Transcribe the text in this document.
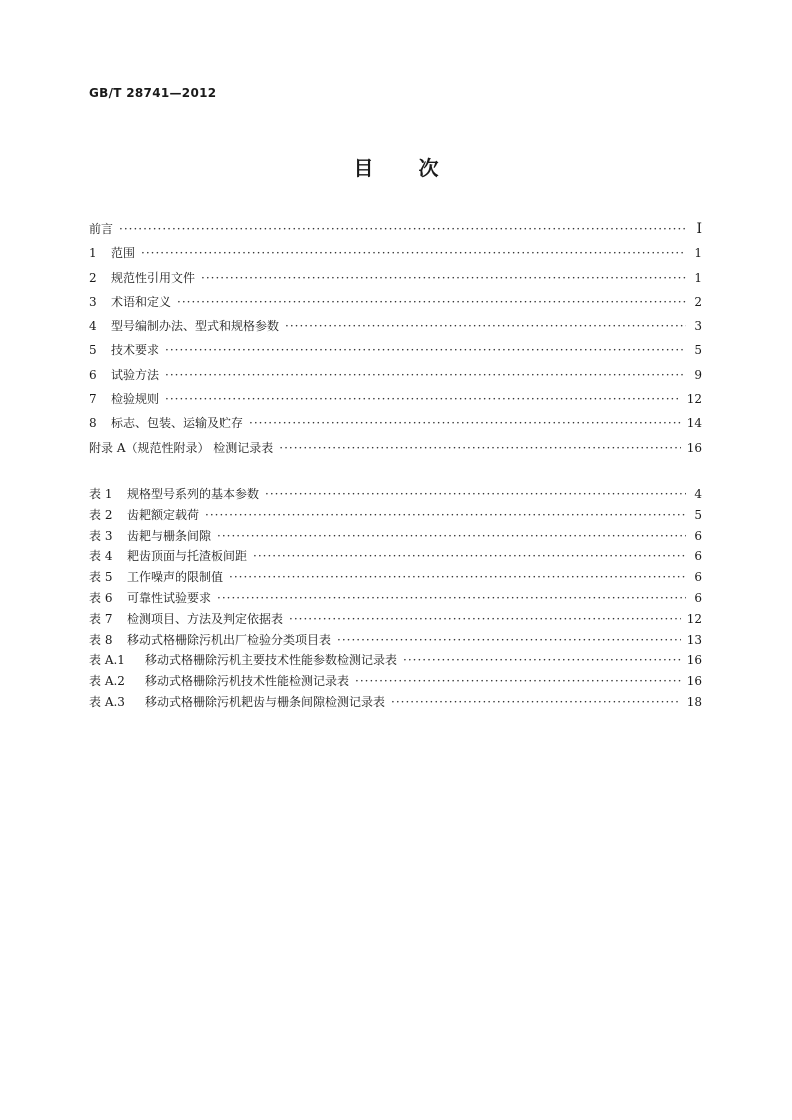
GB/T 28741—2012
目 次
前言 ·····	Ⅰ
1	范围 ·····	1
2	规范性引用文件 ·····	1
3	术语和定义 ·····	2
4	型号编制办法、型式和规格参数 ·····	3
5	技术要求 ·····	5
6	试验方法 ·····	9
7	检验规则 ·····	12
8	标志、包装、运输及贮存 ·····	14
附录 A（规范性附录） 检测记录表 ·····	16
表 1	规格型号系列的基本参数 ·····	4
表 2	齿耙额定载荷 ·····	5
表 3	齿耙与栅条间隙 ·····	6
表 4	耙齿顶面与托渣板间距 ·····	6
表 5	工作噪声的限制值 ·····	6
表 6	可靠性试验要求 ·····	6
表 7	检测项目、方法及判定依据表 ·····	12
表 8	移动式格栅除污机出厂检验分类项目表 ·····	13
表 A.1	移动式格栅除污机主要技术性能参数检测记录表 ·····	16
表 A.2	移动式格栅除污机技术性能检测记录表 ·····	16
表 A.3	移动式格栅除污机耙齿与栅条间隙检测记录表 ·····	18
